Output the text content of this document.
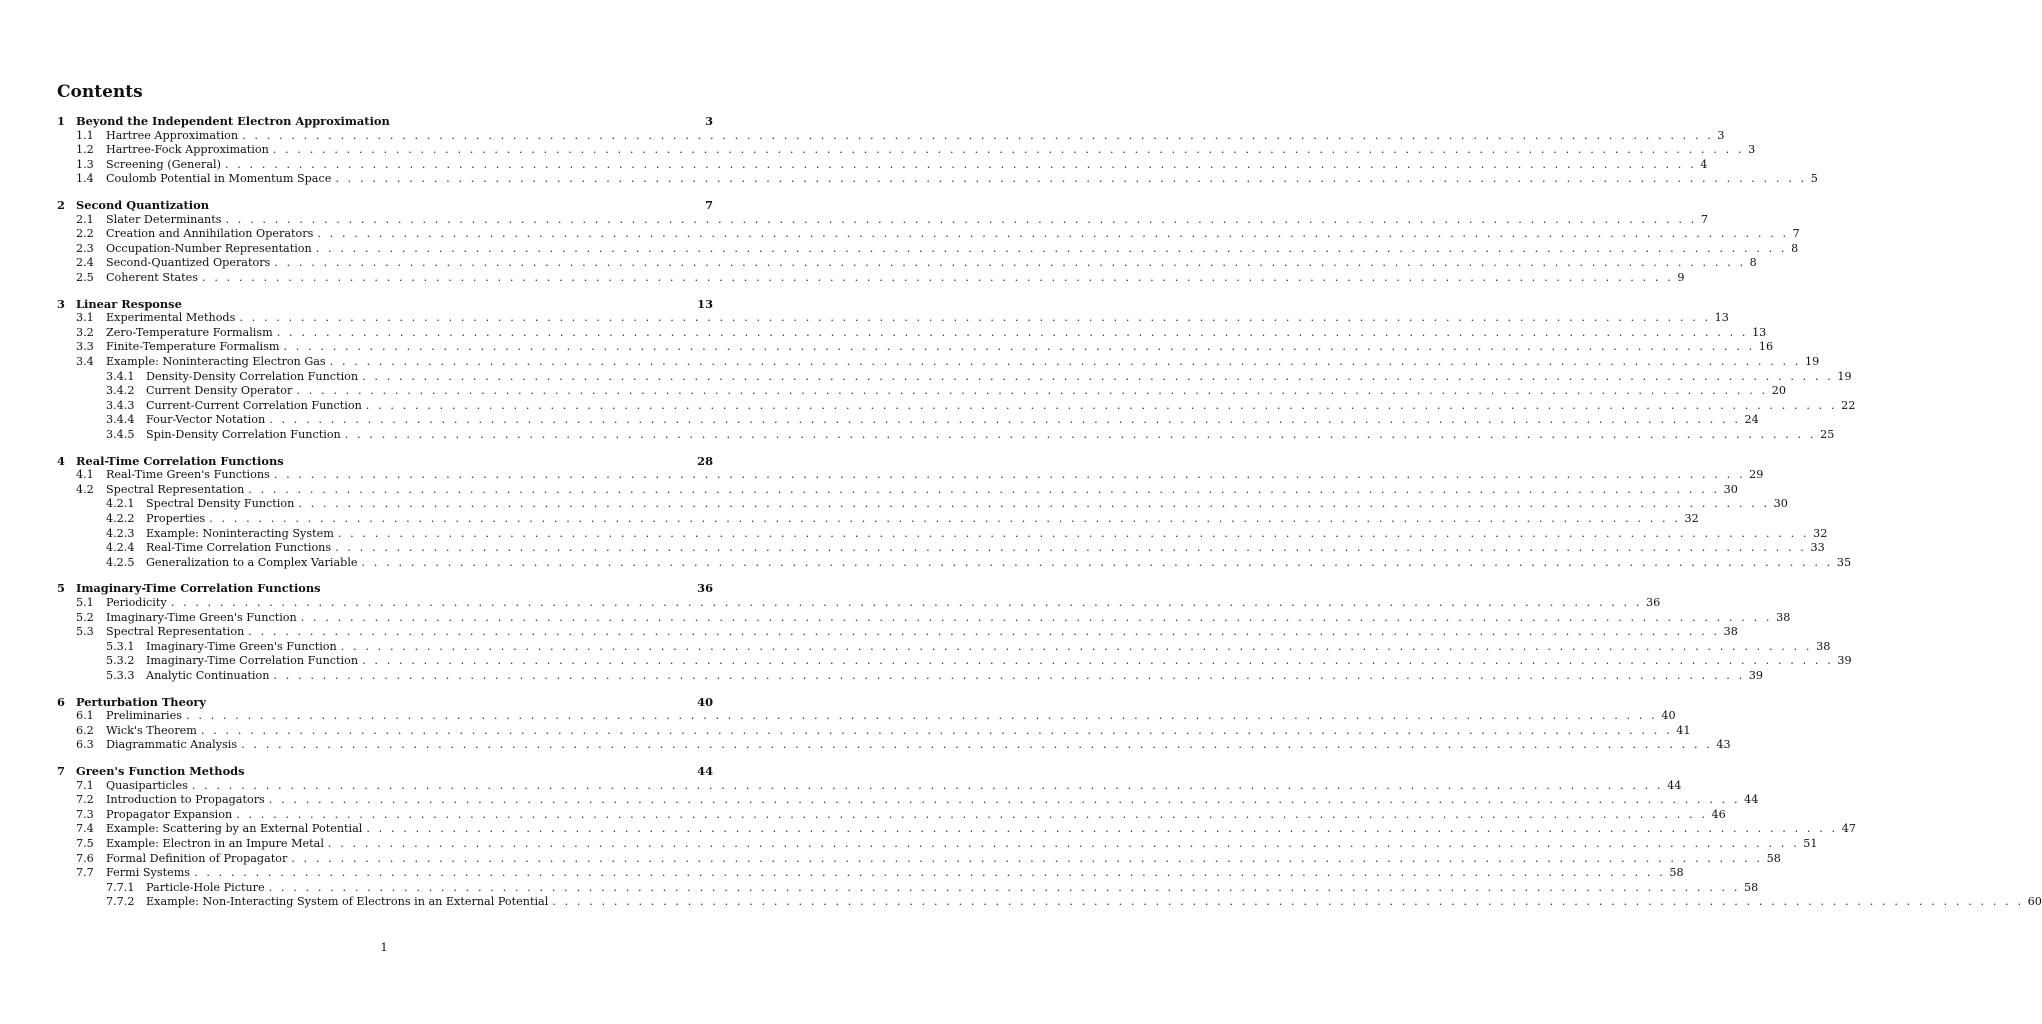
Contents
1 Beyond the Independent Electron Approximation	3
1.1	Hartree Approximation . . . . . . . . . . . . . . . . . . . . . . . . . . . . . . . . . . . . . . . . . . . . . . . . . . . . . . . . . . . . . . . . . . . . . . . . . . . . . . . . . . . . . . . . . . . . . . . . . . . . . . . . . . . . . . . . . . . . . . . . 3
1.2	Hartree-Fock Approximation . . . . . . . . . . . . . . . . . . . . . . . . . . . . . . . . . . . . . . . . . . . . . . . . . . . . . . . . . . . . . . . . . . . . . . . . . . . . . . . . . . . . . . . . . . . . . . . . . . . . . . . . . . . . . . . . . . . . . . . . 3
1.3	Screening (General) . . . . . . . . . . . . . . . . . . . . . . . . . . . . . . . . . . . . . . . . . . . . . . . . . . . . . . . . . . . . . . . . . . . . . . . . . . . . . . . . . . . . . . . . . . . . . . . . . . . . . . . . . . . . . . . . . . . . . . . . 4
1.4	Coulomb Potential in Momentum Space . . . . . . . . . . . . . . . . . . . . . . . . . . . . . . . . . . . . . . . . . . . . . . . . . . . . . . . . . . . . . . . . . . . . . . . . . . . . . . . . . . . . . . . . . . . . . . . . . . . . . . . . . . . . . . . . . . . . . . . . 5
2 Second Quantization	7
2.1	Slater Determinants . . . . . . . . . . . . . . . . . . . . . . . . . . . . . . . . . . . . . . . . . . . . . . . . . . . . . . . . . . . . . . . . . . . . . . . . . . . . . . . . . . . . . . . . . . . . . . . . . . . . . . . . . . . . . . . . . . . . . . . . 7
2.2	Creation and Annihilation Operators . . . . . . . . . . . . . . . . . . . . . . . . . . . . . . . . . . . . . . . . . . . . . . . . . . . . . . . . . . . . . . . . . . . . . . . . . . . . . . . . . . . . . . . . . . . . . . . . . . . . . . . . . . . . . . . . . . . . . . . . 7
2.3	Occupation-Number Representation . . . . . . . . . . . . . . . . . . . . . . . . . . . . . . . . . . . . . . . . . . . . . . . . . . . . . . . . . . . . . . . . . . . . . . . . . . . . . . . . . . . . . . . . . . . . . . . . . . . . . . . . . . . . . . . . . . . . . . . . 8
2.4	Second-Quantized Operators . . . . . . . . . . . . . . . . . . . . . . . . . . . . . . . . . . . . . . . . . . . . . . . . . . . . . . . . . . . . . . . . . . . . . . . . . . . . . . . . . . . . . . . . . . . . . . . . . . . . . . . . . . . . . . . . . . . . . . . . 8
2.5	Coherent States . . . . . . . . . . . . . . . . . . . . . . . . . . . . . . . . . . . . . . . . . . . . . . . . . . . . . . . . . . . . . . . . . . . . . . . . . . . . . . . . . . . . . . . . . . . . . . . . . . . . . . . . . . . . . . . . . . . . . . . . 9
3 Linear Response	13
3.1	Experimental Methods . . . . . . . . . . . . . . . . . . . . . . . . . . . . . . . . . . . . . . . . . . . . . . . . . . . . . . . . . . . . . . . . . . . . . . . . . . . . . . . . . . . . . . . . . . . . . . . . . . . . . . . . . . . . . . . . . . . . . . . . 13
3.2	Zero-Temperature Formalism . . . . . . . . . . . . . . . . . . . . . . . . . . . . . . . . . . . . . . . . . . . . . . . . . . . . . . . . . . . . . . . . . . . . . . . . . . . . . . . . . . . . . . . . . . . . . . . . . . . . . . . . . . . . . . . . . . . . . . . . 13
3.3	Finite-Temperature Formalism . . . . . . . . . . . . . . . . . . . . . . . . . . . . . . . . . . . . . . . . . . . . . . . . . . . . . . . . . . . . . . . . . . . . . . . . . . . . . . . . . . . . . . . . . . . . . . . . . . . . . . . . . . . . . . . . . . . . . . . . 16
3.4	Example: Noninteracting Electron Gas . . . . . . . . . . . . . . . . . . . . . . . . . . . . . . . . . . . . . . . . . . . . . . . . . . . . . . . . . . . . . . . . . . . . . . . . . . . . . . . . . . . . . . . . . . . . . . . . . . . . . . . . . . . . . . . . . . . . . . . . 19
3.4.1	Density-Density Correlation Function . . . . . . . . . . . . . . . . . . . . . . . . . . . . . . . . . . . . . . . . . . . . . . . . . . . . . . . . . . . . . . . . . . . . . . . . . . . . . . . . . . . . . . . . . . . . . . . . . . . . . . . . . . . . . . . . . . . . . . . . 19
3.4.2	Current Density Operator . . . . . . . . . . . . . . . . . . . . . . . . . . . . . . . . . . . . . . . . . . . . . . . . . . . . . . . . . . . . . . . . . . . . . . . . . . . . . . . . . . . . . . . . . . . . . . . . . . . . . . . . . . . . . . . . . . . . . . . . 20
3.4.3	Current-Current Correlation Function . . . . . . . . . . . . . . . . . . . . . . . . . . . . . . . . . . . . . . . . . . . . . . . . . . . . . . . . . . . . . . . . . . . . . . . . . . . . . . . . . . . . . . . . . . . . . . . . . . . . . . . . . . . . . . . . . . . . . . . . 22
3.4.4	Four-Vector Notation . . . . . . . . . . . . . . . . . . . . . . . . . . . . . . . . . . . . . . . . . . . . . . . . . . . . . . . . . . . . . . . . . . . . . . . . . . . . . . . . . . . . . . . . . . . . . . . . . . . . . . . . . . . . . . . . . . . . . . . . 24
3.4.5	Spin-Density Correlation Function . . . . . . . . . . . . . . . . . . . . . . . . . . . . . . . . . . . . . . . . . . . . . . . . . . . . . . . . . . . . . . . . . . . . . . . . . . . . . . . . . . . . . . . . . . . . . . . . . . . . . . . . . . . . . . . . . . . . . . . . 25
4 Real-Time Correlation Functions	28
4.1	Real-Time Green's Functions . . . . . . . . . . . . . . . . . . . . . . . . . . . . . . . . . . . . . . . . . . . . . . . . . . . . . . . . . . . . . . . . . . . . . . . . . . . . . . . . . . . . . . . . . . . . . . . . . . . . . . . . . . . . . . . . . . . . . . . . 29
4.2	Spectral Representation . . . . . . . . . . . . . . . . . . . . . . . . . . . . . . . . . . . . . . . . . . . . . . . . . . . . . . . . . . . . . . . . . . . . . . . . . . . . . . . . . . . . . . . . . . . . . . . . . . . . . . . . . . . . . . . . . . . . . . . . 30
4.2.1	Spectral Density Function . . . . . . . . . . . . . . . . . . . . . . . . . . . . . . . . . . . . . . . . . . . . . . . . . . . . . . . . . . . . . . . . . . . . . . . . . . . . . . . . . . . . . . . . . . . . . . . . . . . . . . . . . . . . . . . . . . . . . . . . 30
4.2.2	Properties . . . . . . . . . . . . . . . . . . . . . . . . . . . . . . . . . . . . . . . . . . . . . . . . . . . . . . . . . . . . . . . . . . . . . . . . . . . . . . . . . . . . . . . . . . . . . . . . . . . . . . . . . . . . . . . . . . . . . . . . 32
4.2.3	Example: Noninteracting System . . . . . . . . . . . . . . . . . . . . . . . . . . . . . . . . . . . . . . . . . . . . . . . . . . . . . . . . . . . . . . . . . . . . . . . . . . . . . . . . . . . . . . . . . . . . . . . . . . . . . . . . . . . . . . . . . . . . . . . . 32
4.2.4	Real-Time Correlation Functions . . . . . . . . . . . . . . . . . . . . . . . . . . . . . . . . . . . . . . . . . . . . . . . . . . . . . . . . . . . . . . . . . . . . . . . . . . . . . . . . . . . . . . . . . . . . . . . . . . . . . . . . . . . . . . . . . . . . . . . . 33
4.2.5	Generalization to a Complex Variable . . . . . . . . . . . . . . . . . . . . . . . . . . . . . . . . . . . . . . . . . . . . . . . . . . . . . . . . . . . . . . . . . . . . . . . . . . . . . . . . . . . . . . . . . . . . . . . . . . . . . . . . . . . . . . . . . . . . . . . . 35
5 Imaginary-Time Correlation Functions	36
5.1	Periodicity . . . . . . . . . . . . . . . . . . . . . . . . . . . . . . . . . . . . . . . . . . . . . . . . . . . . . . . . . . . . . . . . . . . . . . . . . . . . . . . . . . . . . . . . . . . . . . . . . . . . . . . . . . . . . . . . . . . . . . . . 36
5.2	Imaginary-Time Green's Function . . . . . . . . . . . . . . . . . . . . . . . . . . . . . . . . . . . . . . . . . . . . . . . . . . . . . . . . . . . . . . . . . . . . . . . . . . . . . . . . . . . . . . . . . . . . . . . . . . . . . . . . . . . . . . . . . . . . . . . . 38
5.3	Spectral Representation . . . . . . . . . . . . . . . . . . . . . . . . . . . . . . . . . . . . . . . . . . . . . . . . . . . . . . . . . . . . . . . . . . . . . . . . . . . . . . . . . . . . . . . . . . . . . . . . . . . . . . . . . . . . . . . . . . . . . . . . 38
5.3.1	Imaginary-Time Green's Function . . . . . . . . . . . . . . . . . . . . . . . . . . . . . . . . . . . . . . . . . . . . . . . . . . . . . . . . . . . . . . . . . . . . . . . . . . . . . . . . . . . . . . . . . . . . . . . . . . . . . . . . . . . . . . . . . . . . . . . . 38
5.3.2	Imaginary-Time Correlation Function . . . . . . . . . . . . . . . . . . . . . . . . . . . . . . . . . . . . . . . . . . . . . . . . . . . . . . . . . . . . . . . . . . . . . . . . . . . . . . . . . . . . . . . . . . . . . . . . . . . . . . . . . . . . . . . . . . . . . . . . 39
5.3.3	Analytic Continuation . . . . . . . . . . . . . . . . . . . . . . . . . . . . . . . . . . . . . . . . . . . . . . . . . . . . . . . . . . . . . . . . . . . . . . . . . . . . . . . . . . . . . . . . . . . . . . . . . . . . . . . . . . . . . . . . . . . . . . . . 39
6 Perturbation Theory	40
6.1	Preliminaries . . . . . . . . . . . . . . . . . . . . . . . . . . . . . . . . . . . . . . . . . . . . . . . . . . . . . . . . . . . . . . . . . . . . . . . . . . . . . . . . . . . . . . . . . . . . . . . . . . . . . . . . . . . . . . . . . . . . . . . . 40
6.2	Wick's Theorem . . . . . . . . . . . . . . . . . . . . . . . . . . . . . . . . . . . . . . . . . . . . . . . . . . . . . . . . . . . . . . . . . . . . . . . . . . . . . . . . . . . . . . . . . . . . . . . . . . . . . . . . . . . . . . . . . . . . . . . . 41
6.3	Diagrammatic Analysis . . . . . . . . . . . . . . . . . . . . . . . . . . . . . . . . . . . . . . . . . . . . . . . . . . . . . . . . . . . . . . . . . . . . . . . . . . . . . . . . . . . . . . . . . . . . . . . . . . . . . . . . . . . . . . . . . . . . . . . . 43
7 Green's Function Methods	44
7.1	Quasiparticles . . . . . . . . . . . . . . . . . . . . . . . . . . . . . . . . . . . . . . . . . . . . . . . . . . . . . . . . . . . . . . . . . . . . . . . . . . . . . . . . . . . . . . . . . . . . . . . . . . . . . . . . . . . . . . . . . . . . . . . . 44
7.2	Introduction to Propagators . . . . . . . . . . . . . . . . . . . . . . . . . . . . . . . . . . . . . . . . . . . . . . . . . . . . . . . . . . . . . . . . . . . . . . . . . . . . . . . . . . . . . . . . . . . . . . . . . . . . . . . . . . . . . . . . . . . . . . . . 44
7.3	Propagator Expansion . . . . . . . . . . . . . . . . . . . . . . . . . . . . . . . . . . . . . . . . . . . . . . . . . . . . . . . . . . . . . . . . . . . . . . . . . . . . . . . . . . . . . . . . . . . . . . . . . . . . . . . . . . . . . . . . . . . . . . . . 46
7.4	Example: Scattering by an External Potential . . . . . . . . . . . . . . . . . . . . . . . . . . . . . . . . . . . . . . . . . . . . . . . . . . . . . . . . . . . . . . . . . . . . . . . . . . . . . . . . . . . . . . . . . . . . . . . . . . . . . . . . . . . . . . . . . . . . . . . . 47
7.5	Example: Electron in an Impure Metal . . . . . . . . . . . . . . . . . . . . . . . . . . . . . . . . . . . . . . . . . . . . . . . . . . . . . . . . . . . . . . . . . . . . . . . . . . . . . . . . . . . . . . . . . . . . . . . . . . . . . . . . . . . . . . . . . . . . . . . . 51
7.6	Formal Definition of Propagator . . . . . . . . . . . . . . . . . . . . . . . . . . . . . . . . . . . . . . . . . . . . . . . . . . . . . . . . . . . . . . . . . . . . . . . . . . . . . . . . . . . . . . . . . . . . . . . . . . . . . . . . . . . . . . . . . . . . . . . . 58
7.7	Fermi Systems . . . . . . . . . . . . . . . . . . . . . . . . . . . . . . . . . . . . . . . . . . . . . . . . . . . . . . . . . . . . . . . . . . . . . . . . . . . . . . . . . . . . . . . . . . . . . . . . . . . . . . . . . . . . . . . . . . . . . . . . 58
7.7.1	Particle-Hole Picture . . . . . . . . . . . . . . . . . . . . . . . . . . . . . . . . . . . . . . . . . . . . . . . . . . . . . . . . . . . . . . . . . . . . . . . . . . . . . . . . . . . . . . . . . . . . . . . . . . . . . . . . . . . . . . . . . . . . . . . . 58
7.7.2	Example: Non-Interacting System of Electrons in an External Potential . . . . . . . . . . . . . . . . . . . . . . . . . . . . . . . . . . . . . . . . . . . . . . . . . . . . . . . . . . . . . . . . . . . . . . . . . . . . . . . . . . . . . . . . . . . . . . . . . . . . . . . . . . . . . . . . . . . . . . . . 60
1
